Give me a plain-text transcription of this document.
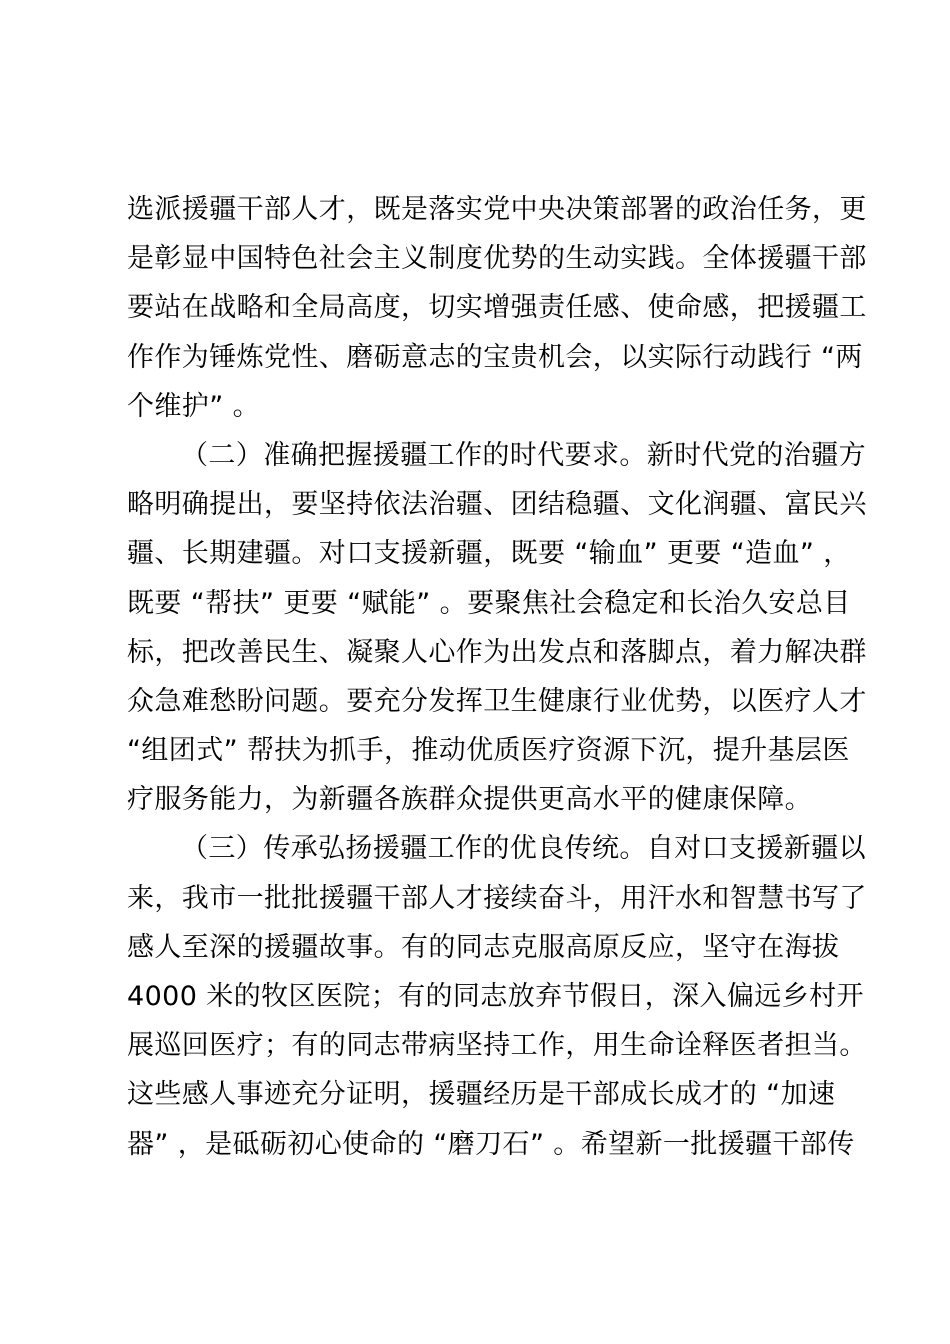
选派援疆干部人才，既是落实党中央决策部署的政治任务，更
是彰显中国特色社会主义制度优势的生动实践。全体援疆干部
要站在战略和全局高度，切实增强责任感、使命感，把援疆工
作作为锤炼党性、磨砺意志的宝贵机会，以实际行动践行 “两
个维护” 。
（二）准确把握援疆工作的时代要求。新时代党的治疆方
略明确提出，要坚持依法治疆、团结稳疆、文化润疆、富民兴
疆、长期建疆。对口支援新疆，既要 “输血” 更要 “造血” ，
既要 “帮扶” 更要 “赋能” 。要聚焦社会稳定和长治久安总目
标，把改善民生、凝聚人心作为出发点和落脚点，着力解决群
众急难愁盼问题。要充分发挥卫生健康行业优势，以医疗人才
“组团式” 帮扶为抓手，推动优质医疗资源下沉，提升基层医
疗服务能力，为新疆各族群众提供更高水平的健康保障。
（三）传承弘扬援疆工作的优良传统。自对口支援新疆以
来，我市一批批援疆干部人才接续奋斗，用汗水和智慧书写了
感人至深的援疆故事。有的同志克服高原反应，坚守在海拔
4000 米的牧区医院；有的同志放弃节假日，深入偏远乡村开
展巡回医疗；有的同志带病坚持工作，用生命诠释医者担当。
这些感人事迹充分证明，援疆经历是干部成长成才的 “加速
器” ，是砥砺初心使命的 “磨刀石” 。希望新一批援疆干部传
